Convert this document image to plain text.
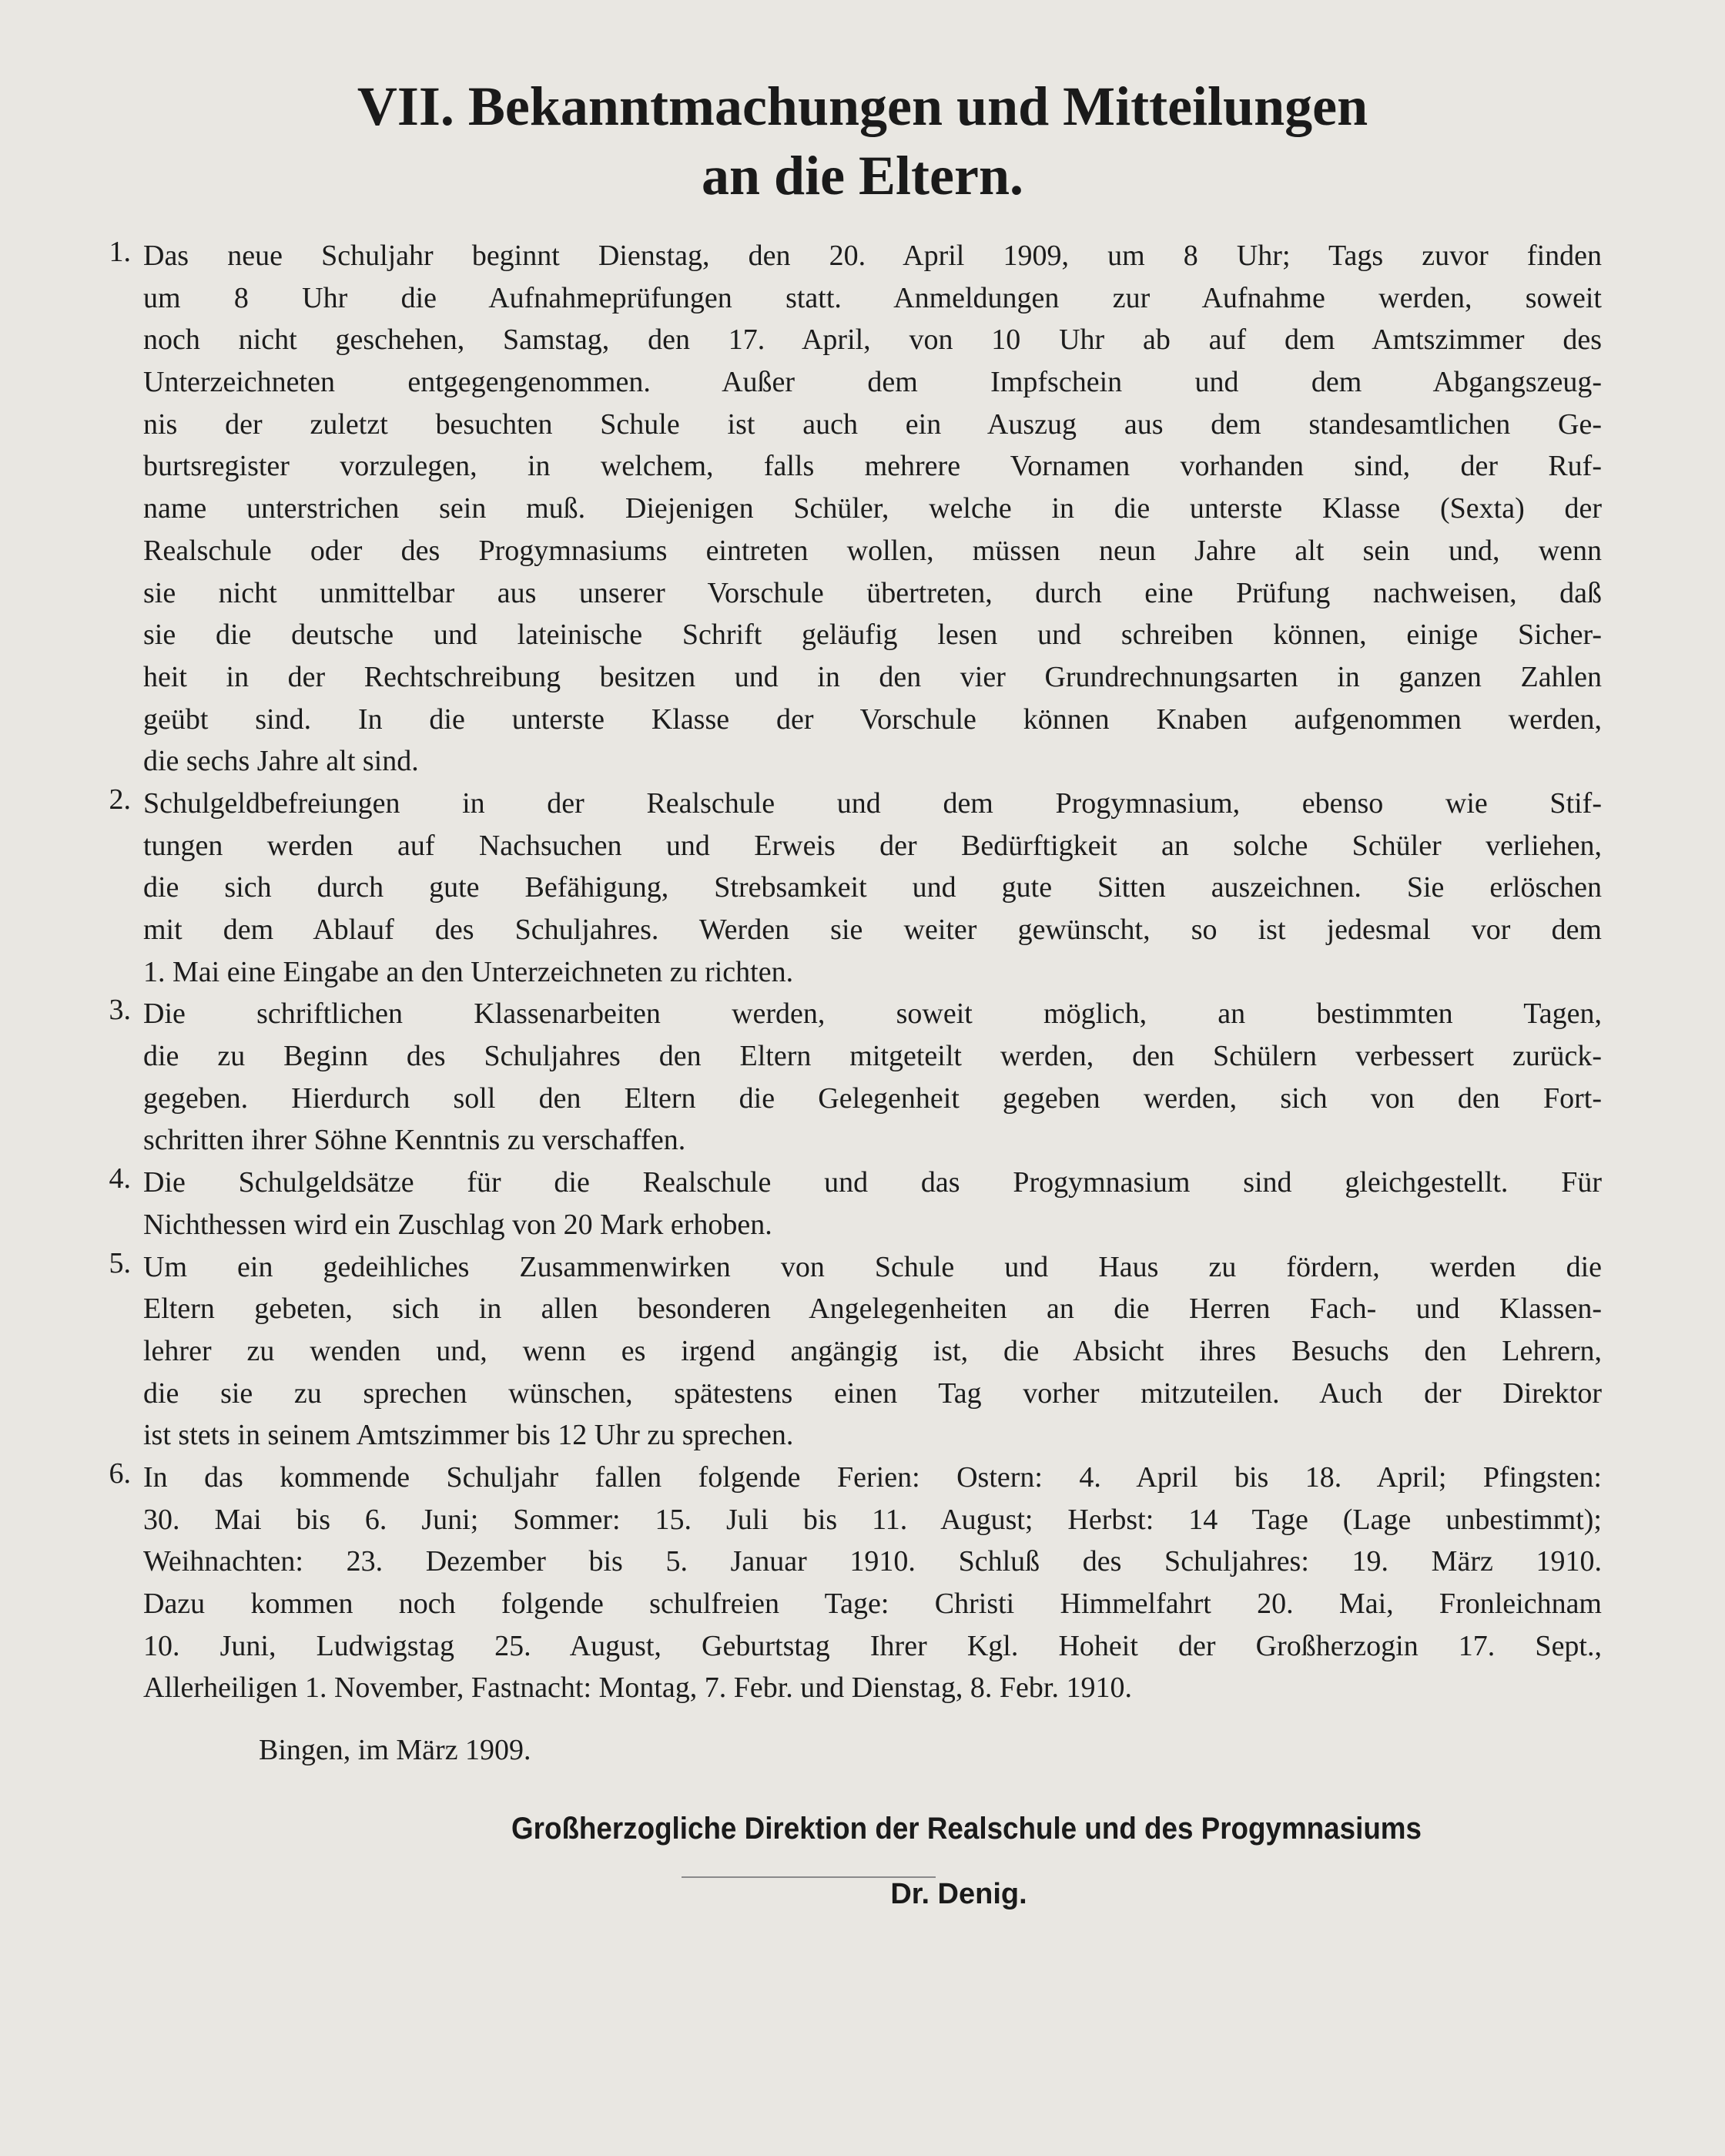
VII. Bekanntmachungen und Mitteilungen
an die Eltern.
1. Das neue Schuljahr beginnt Dienstag, den 20. April 1909, um 8 Uhr; Tags zuvor finden
um 8 Uhr die Aufnahmeprüfungen statt. Anmeldungen zur Aufnahme werden, soweit
noch nicht geschehen, Samstag, den 17. April, von 10 Uhr ab auf dem Amtszimmer des
Unterzeichneten entgegengenommen. Außer dem Impfschein und dem Abgangszeug-
nis der zuletzt besuchten Schule ist auch ein Auszug aus dem standesamtlichen Ge-
burtsregister vorzulegen, in welchem, falls mehrere Vornamen vorhanden sind, der Ruf-
name unterstrichen sein muß. Diejenigen Schüler, welche in die unterste Klasse (Sexta) der
Realschule oder des Progymnasiums eintreten wollen, müssen neun Jahre alt sein und, wenn
sie nicht unmittelbar aus unserer Vorschule übertreten, durch eine Prüfung nachweisen, daß
sie die deutsche und lateinische Schrift geläufig lesen und schreiben können, einige Sicher-
heit in der Rechtschreibung besitzen und in den vier Grundrechnungsarten in ganzen Zahlen
geübt sind. In die unterste Klasse der Vorschule können Knaben aufgenommen werden,
die sechs Jahre alt sind.
2. Schulgeldbefreiungen in der Realschule und dem Progymnasium, ebenso wie Stif-
tungen werden auf Nachsuchen und Erweis der Bedürftigkeit an solche Schüler verliehen,
die sich durch gute Befähigung, Strebsamkeit und gute Sitten auszeichnen. Sie erlöschen
mit dem Ablauf des Schuljahres. Werden sie weiter gewünscht, so ist jedesmal vor dem
1. Mai eine Eingabe an den Unterzeichneten zu richten.
3. Die schriftlichen Klassenarbeiten werden, soweit möglich, an bestimmten Tagen,
die zu Beginn des Schuljahres den Eltern mitgeteilt werden, den Schülern verbessert zurück-
gegeben. Hierdurch soll den Eltern die Gelegenheit gegeben werden, sich von den Fort-
schritten ihrer Söhne Kenntnis zu verschaffen.
4. Die Schulgeldsätze für die Realschule und das Progymnasium sind gleichgestellt. Für
Nichthessen wird ein Zuschlag von 20 Mark erhoben.
5. Um ein gedeihliches Zusammenwirken von Schule und Haus zu fördern, werden die
Eltern gebeten, sich in allen besonderen Angelegenheiten an die Herren Fach- und Klassen-
lehrer zu wenden und, wenn es irgend angängig ist, die Absicht ihres Besuchs den Lehrern,
die sie zu sprechen wünschen, spätestens einen Tag vorher mitzuteilen. Auch der Direktor
ist stets in seinem Amtszimmer bis 12 Uhr zu sprechen.
6. In das kommende Schuljahr fallen folgende Ferien: Ostern: 4. April bis 18. April; Pfingsten:
30. Mai bis 6. Juni; Sommer: 15. Juli bis 11. August; Herbst: 14 Tage (Lage unbestimmt);
Weihnachten: 23. Dezember bis 5. Januar 1910. Schluß des Schuljahres: 19. März 1910.
Dazu kommen noch folgende schulfreien Tage: Christi Himmelfahrt 20. Mai, Fronleichnam
10. Juni, Ludwigstag 25. August, Geburtstag Ihrer Kgl. Hoheit der Großherzogin 17. Sept.,
Allerheiligen 1. November, Fastnacht: Montag, 7. Febr. und Dienstag, 8. Febr. 1910.
Bingen, im März 1909.
Großherzogliche Direktion der Realschule und des Progymnasiums
Dr. Denig.
